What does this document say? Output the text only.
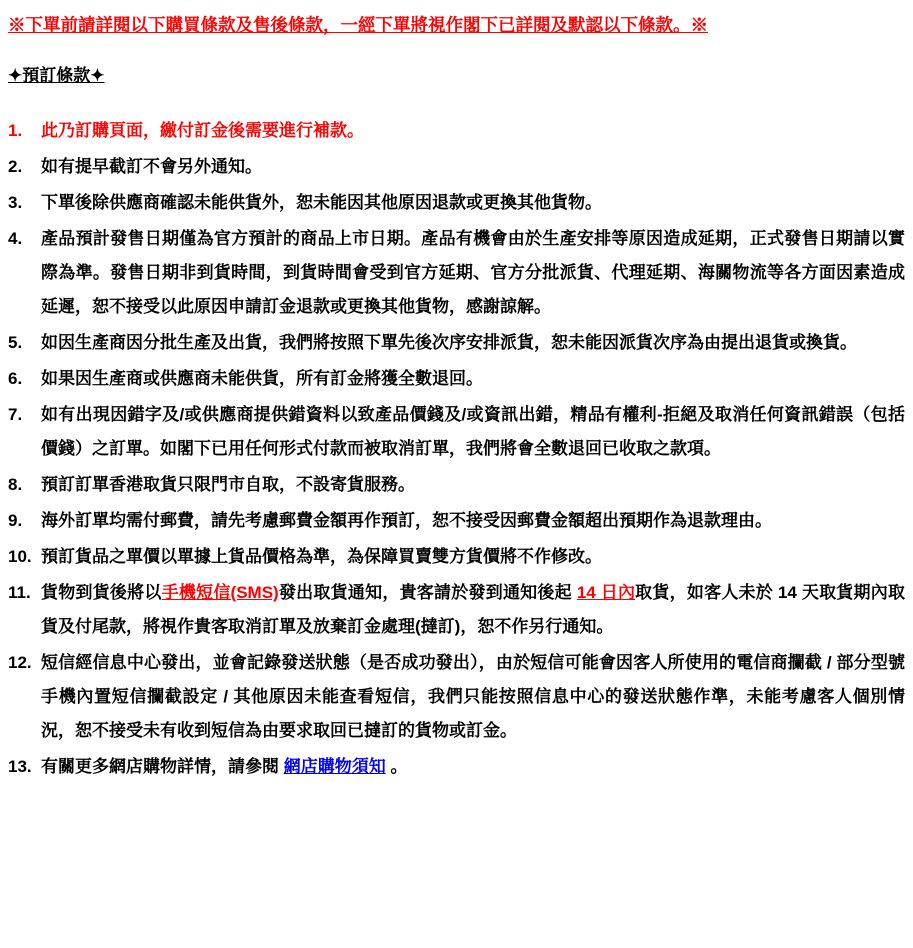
※下單前請詳閱以下購買條款及售後條款，一經下單將視作閣下已詳閱及默認以下條款。※
✦預訂條款✦
1.	此乃訂購頁面，繳付訂金後需要進行補款。
2.	如有提早截訂不會另外通知。
3.	下單後除供應商確認未能供貨外，恕未能因其他原因退款或更換其他貨物。
4.	產品預計發售日期僅為官方預計的商品上市日期。產品有機會由於生產安排等原因造成延期，正式發售日期請以實際為準。發售日期非到貨時間，到貨時間會受到官方延期、官方分批派貨、代理延期、海關物流等各方面因素造成延遲，恕不接受以此原因申請訂金退款或更換其他貨物，感謝諒解。
5.	如因生產商因分批生產及出貨，我們將按照下單先後次序安排派貨，恕未能因派貨次序為由提出退貨或換貨。
6.	如果因生產商或供應商未能供貨，所有訂金將獲全數退回。
7.	如有出現因錯字及/或供應商提供錯資料以致產品價錢及/或資訊出錯，精品有權利-拒絕及取消任何資訊錯誤（包括價錢）之訂單。如閣下已用任何形式付款而被取消訂單，我們將會全數退回已收取之款項。
8.	預訂訂單香港取貨只限門市自取，不設寄貨服務。
9.	海外訂單均需付郵費，請先考慮郵費金額再作預訂，恕不接受因郵費金額超出預期作為退款理由。
10. 預訂貨品之單價以單據上貨品價格為準，為保障買賣雙方貨價將不作修改。
11. 貨物到貨後將以手機短信(SMS)發出取貨通知，貴客請於發到通知後起 14 日內取貨，如客人未於 14 天取貨期內取貨及付尾款，將視作貴客取消訂單及放棄訂金處理(撻訂)，恕不作另行通知。
12. 短信經信息中心發出，並會記錄發送狀態（是否成功發出），由於短信可能會因客人所使用的電信商攔截 / 部分型號手機內置短信攔截設定 / 其他原因未能查看短信，我們只能按照信息中心的發送狀態作準，未能考慮客人個別情況，恕不接受未有收到短信為由要求取回已撻訂的貨物或訂金。
13. 有關更多網店購物詳情，請參閱 網店購物須知 。
